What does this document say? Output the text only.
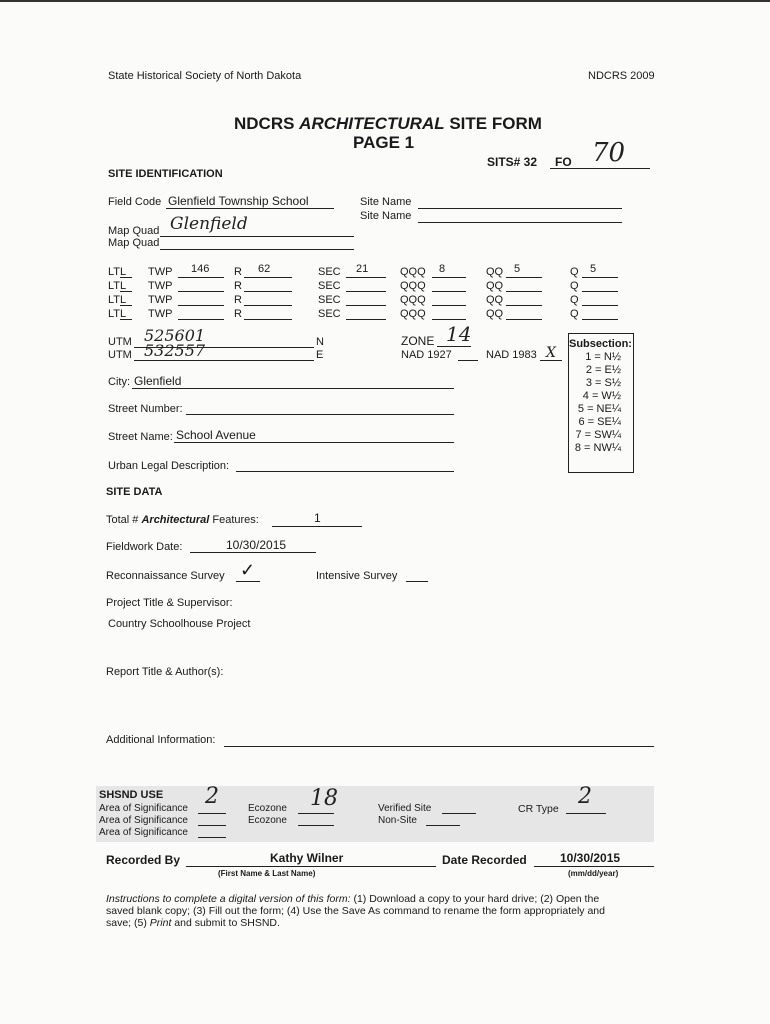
State Historical Society of North Dakota	NDCRS 2009
NDCRS ARCHITECTURAL SITE FORM
PAGE 1
SITS# 32 FO 70
SITE IDENTIFICATION
Field Code Glenfield Township School	Site Name
Site Name
Map Quad Glenfield
Map Quad
LTL TWP 146 R 62	SEC 21	QQQ 8	QQ 5	Q 5
LTL TWP	R	SEC	QQQ	QQ	Q
LTL TWP	R	SEC	QQQ	QQ	Q
LTL TWP	R	SEC	QQQ	QQ	Q
UTM 525601	N
UTM 532557	E
ZONE 14
NAD 1927	NAD 1983 X
Subsection:
1 = N½
2 = E½
3 = S½
4 = W½
5 = NE¼
6 = SE¼
7 = SW¼
8 = NW¼
City: Glenfield
Street Number:
Street Name: School Avenue
Urban Legal Description:
SITE DATA
Total # Architectural Features:	1
Fieldwork Date:	10/30/2015
Reconnaissance Survey ✓	Intensive Survey
Project Title & Supervisor:
Country Schoolhouse Project
Report Title & Author(s):
Additional Information:
SHSND USE
Area of Significance 2
Area of Significance
Area of Significance
Ecozone 18
Ecozone
Verified Site
Non-Site
CR Type 2
Recorded By	Kathy Wilner
(First Name & Last Name)
Date Recorded	10/30/2015
(mm/dd/year)
Instructions to complete a digital version of this form: (1) Download a copy to your hard drive; (2) Open the saved blank copy; (3) Fill out the form; (4) Use the Save As command to rename the form appropriately and save; (5) Print and submit to SHSND.
